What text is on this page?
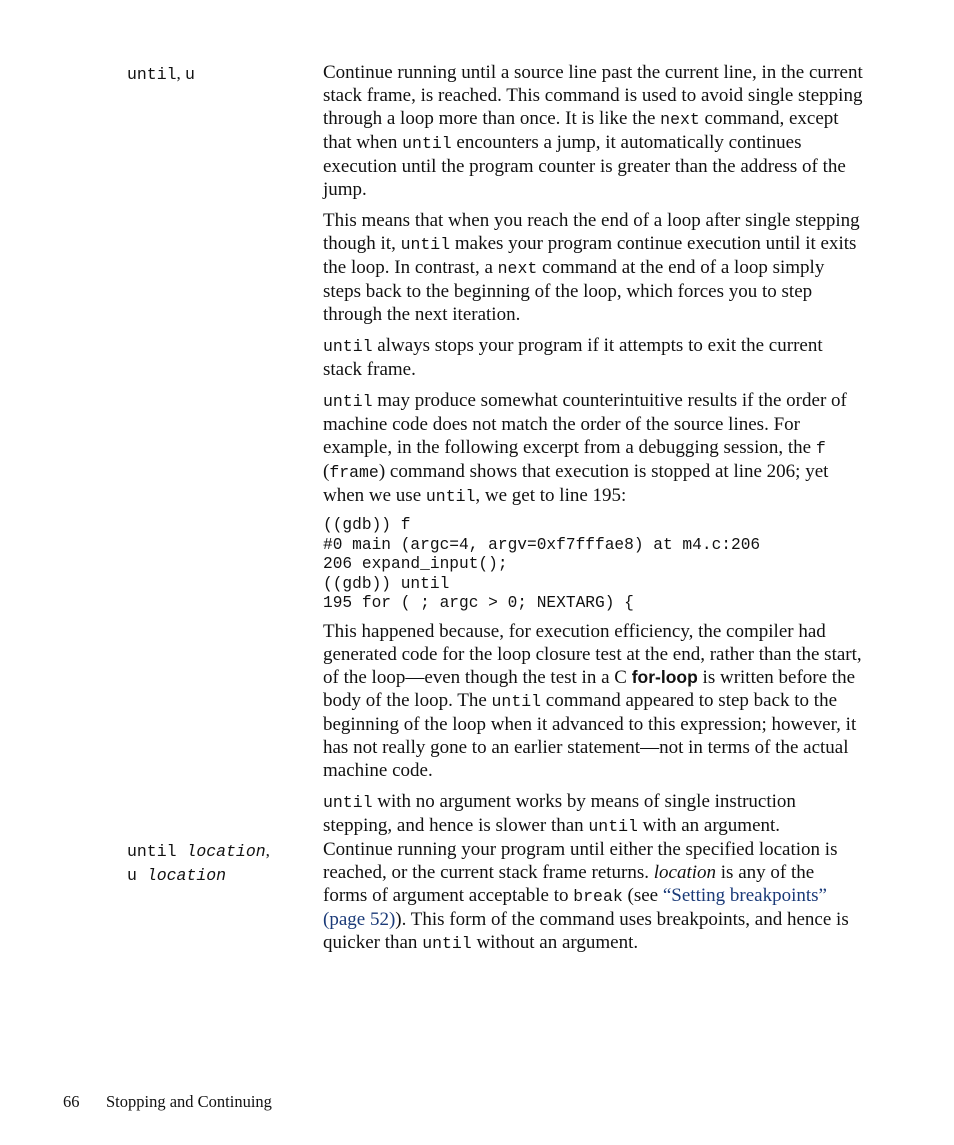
until, u	Continue running until a source line past the current line, in the current stack frame, is reached. This command is used to avoid single stepping through a loop more than once. It is like the next command, except that when until encounters a jump, it automatically continues execution until the program counter is greater than the address of the jump.

This means that when you reach the end of a loop after single stepping though it, until makes your program continue execution until it exits the loop. In contrast, a next command at the end of a loop simply steps back to the beginning of the loop, which forces you to step through the next iteration.

until always stops your program if it attempts to exit the current stack frame.

until may produce somewhat counterintuitive results if the order of machine code does not match the order of the source lines. For example, in the following excerpt from a debugging session, the f (frame) command shows that execution is stopped at line 206; yet when we use until, we get to line 195:

((gdb)) f
#0 main (argc=4, argv=0xf7fffae8) at m4.c:206
206 expand_input();
((gdb)) until
195 for ( ; argc > 0; NEXTARG) {

This happened because, for execution efficiency, the compiler had generated code for the loop closure test at the end, rather than the start, of the loop—even though the test in a C for-loop is written before the body of the loop. The until command appeared to step back to the beginning of the loop when it advanced to this expression; however, it has not really gone to an earlier statement—not in terms of the actual machine code.

until with no argument works by means of single instruction stepping, and hence is slower than until with an argument.

until location,
u location

Continue running your program until either the specified location is reached, or the current stack frame returns. location is any of the forms of argument acceptable to break (see “Setting breakpoints” (page 52)). This form of the command uses breakpoints, and hence is quicker than until without an argument.

66 Stopping and Continuing
